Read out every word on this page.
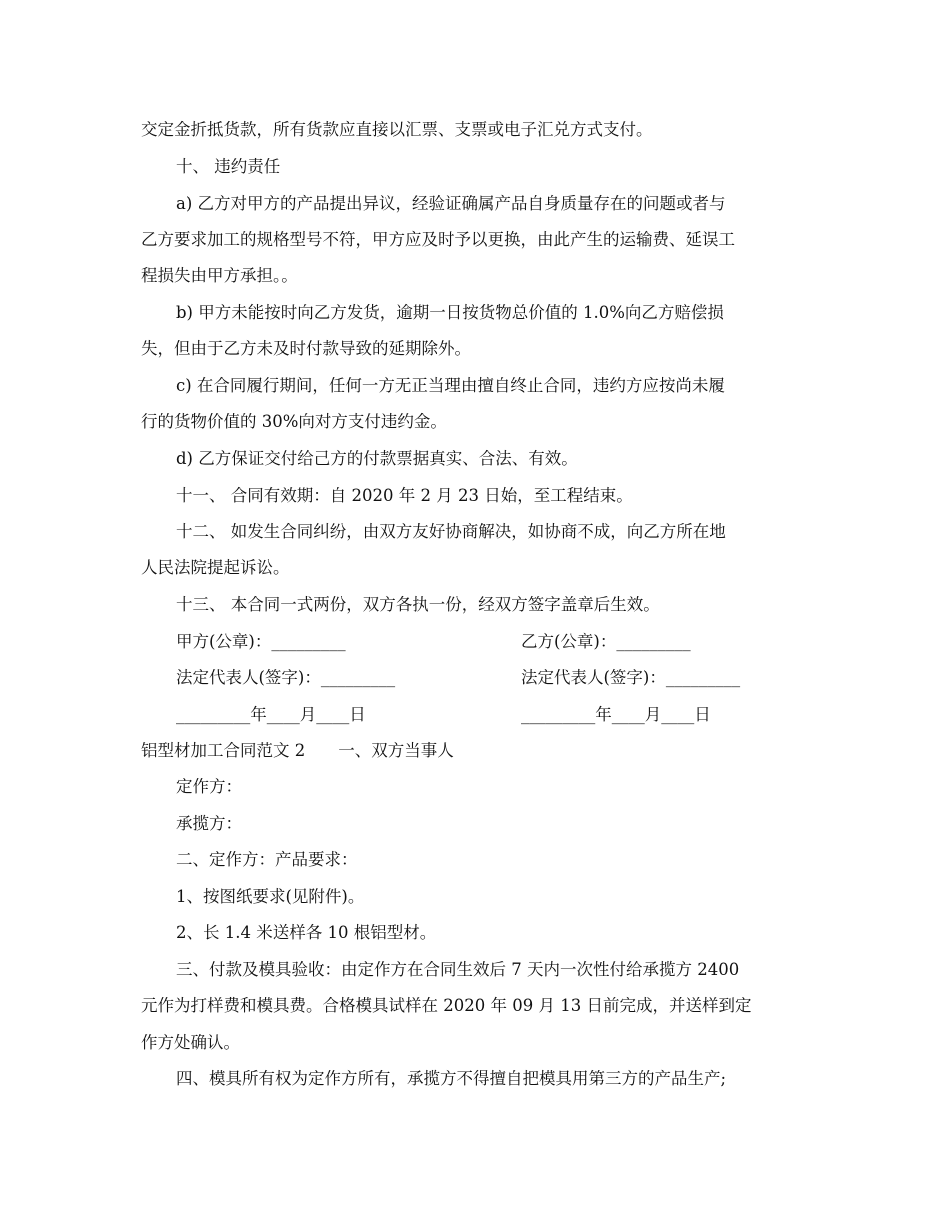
交定金折抵货款，所有货款应直接以汇票、支票或电子汇兑方式支付。
十、 违约责任
a) 乙方对甲方的产品提出异议，经验证确属产品自身质量存在的问题或者与
乙方要求加工的规格型号不符，甲方应及时予以更换，由此产生的运输费、延误工
程损失由甲方承担。。
b) 甲方未能按时向乙方发货，逾期一日按货物总价值的 1.0%向乙方赔偿损
失，但由于乙方未及时付款导致的延期除外。
c) 在合同履行期间，任何一方无正当理由擅自终止合同，违约方应按尚未履
行的货物价值的 30%向对方支付违约金。
d) 乙方保证交付给己方的付款票据真实、合法、有效。
十一、 合同有效期：自 2020 年 2 月 23 日始，至工程结束。
十二、 如发生合同纠纷，由双方友好协商解决，如协商不成，向乙方所在地
人民法院提起诉讼。
十三、 本合同一式两份，双方各执一份，经双方签字盖章后生效。
甲方(公章)：_________	乙方(公章)：_________
法定代表人(签字)：_________	法定代表人(签字)：_________
_________年____月____日	_________年____月____日
铝型材加工合同范文 2　　一、双方当事人
定作方：
承揽方：
二、定作方：产品要求：
1、按图纸要求(见附件)。
2、长 1.4 米送样各 10 根铝型材。
三、付款及模具验收：由定作方在合同生效后 7 天内一次性付给承揽方 2400
元作为打样费和模具费。合格模具试样在 2020 年 09 月 13 日前完成，并送样到定
作方处确认。
四、模具所有权为定作方所有，承揽方不得擅自把模具用第三方的产品生产;
